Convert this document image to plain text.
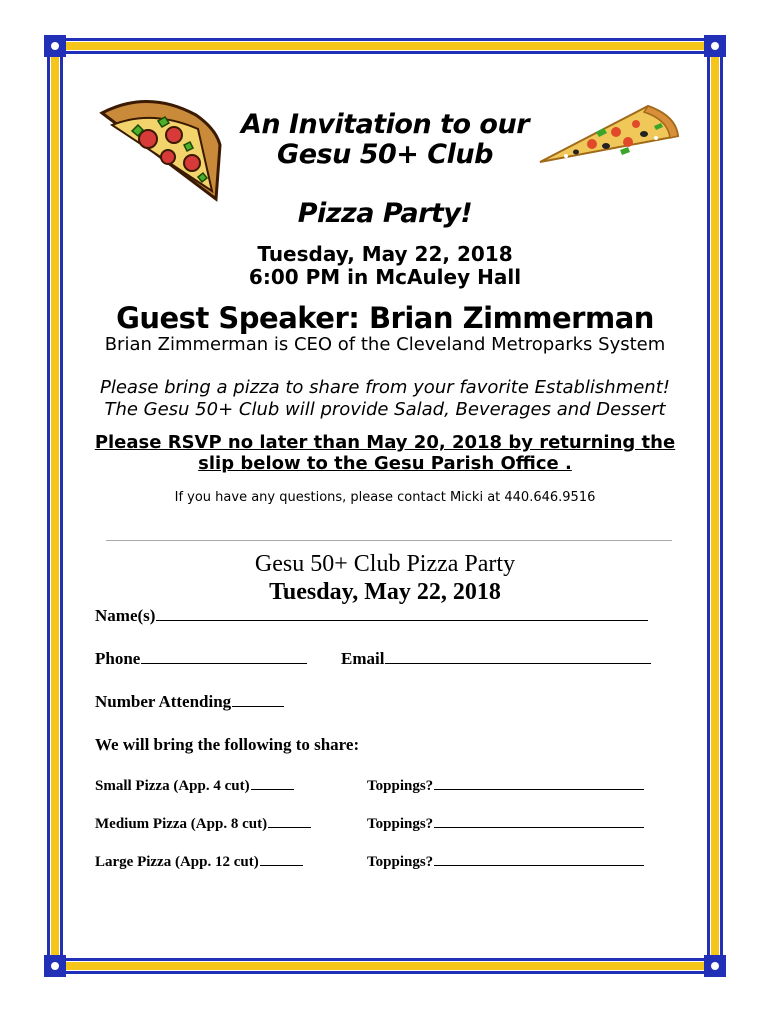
An Invitation to our
Gesu 50+ Club
Pizza Party!
Tuesday, May 22, 2018
6:00 PM in McAuley Hall
Guest Speaker: Brian Zimmerman
Brian Zimmerman is CEO of the Cleveland Metroparks System
Please bring a pizza to share from your favorite Establishment!
The Gesu 50+ Club will provide Salad, Beverages and Dessert
Please RSVP no later than May 20, 2018 by returning the
slip below to the Gesu Parish Office .
If you have any questions, please contact Micki at 440.646.9516
Gesu 50+ Club Pizza Party
Tuesday, May 22, 2018
Name(s)
Phone	Email
Number Attending
We will bring the following to share:
Small Pizza (App. 4 cut)	Toppings?
Medium Pizza (App. 8 cut)	Toppings?
Large Pizza (App. 12 cut)	Toppings?
